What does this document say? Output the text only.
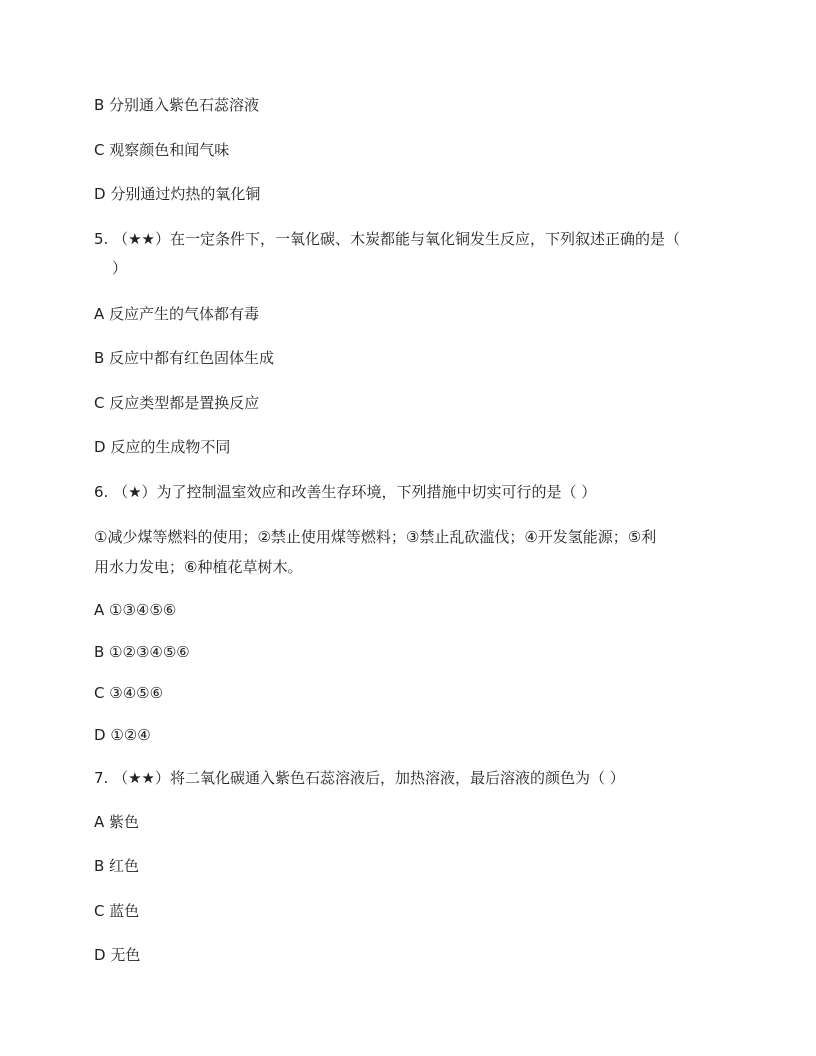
B 分别通入紫色石蕊溶液

C 观察颜色和闻气味

D 分别通过灼热的氧化铜

5. （★★）在一定条件下，一氧化碳、木炭都能与氧化铜发生反应，下列叙述正确的是（

）

A 反应产生的气体都有毒

B 反应中都有红色固体生成

C 反应类型都是置换反应

D 反应的生成物不同

6. （★）为了控制温室效应和改善生存环境，下列措施中切实可行的是（ ）

①减少煤等燃料的使用；②禁止使用煤等燃料；③禁止乱砍滥伐；④开发氢能源；⑤利

用水力发电；⑥种植花草树木。

A ①③④⑤⑥

B ①②③④⑤⑥

C ③④⑤⑥

D ①②④

7. （★★）将二氧化碳通入紫色石蕊溶液后，加热溶液，最后溶液的颜色为（ ）

A 紫色

B 红色

C 蓝色

D 无色
